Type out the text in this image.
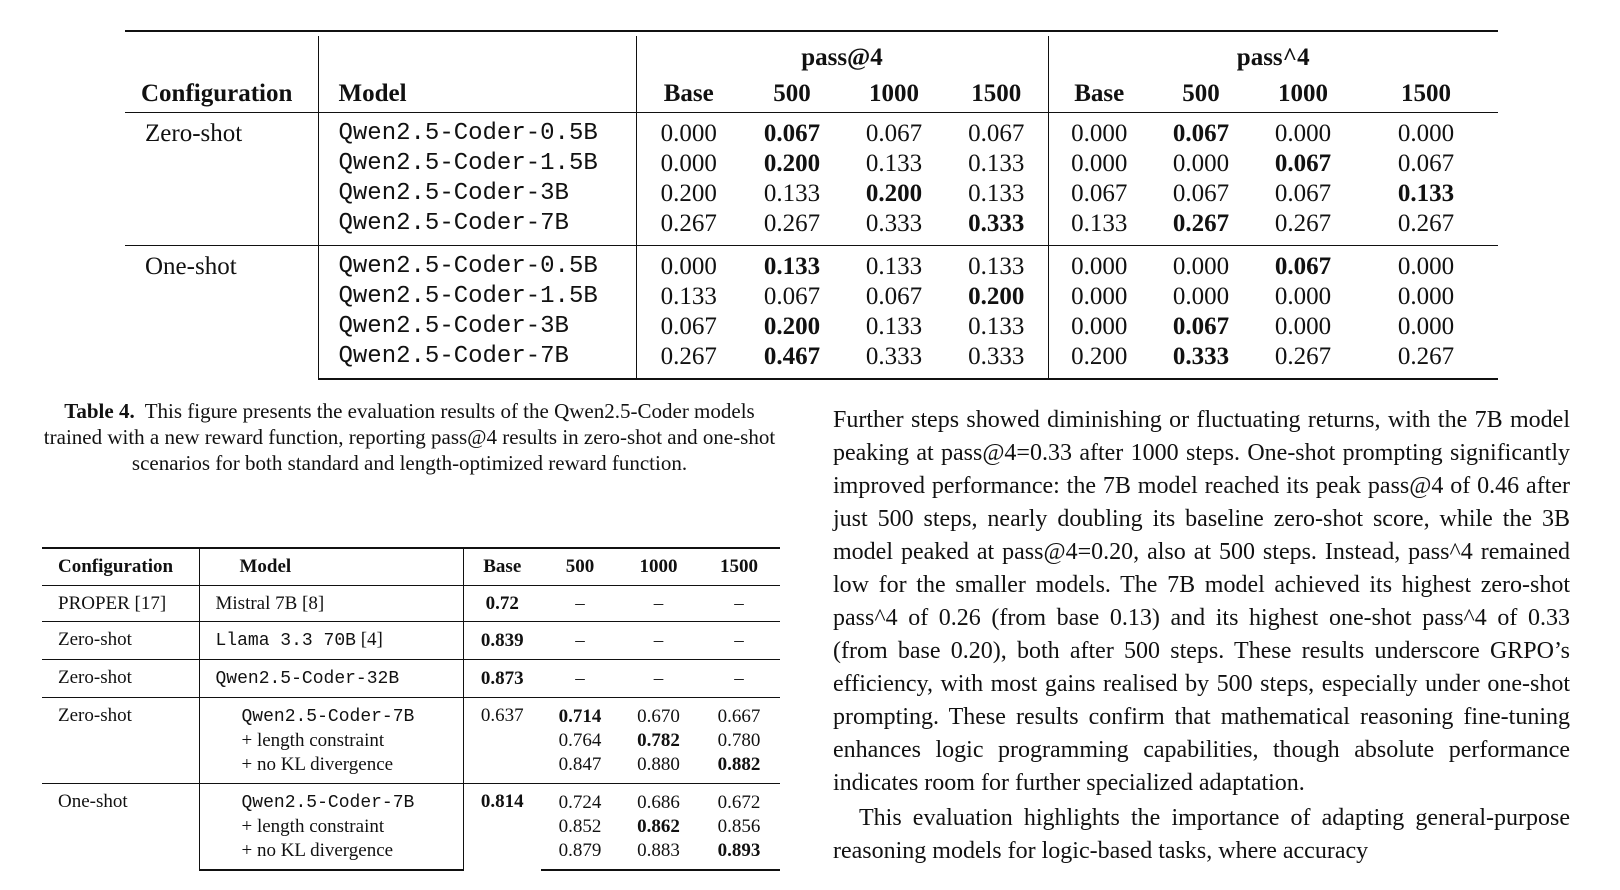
		pass@4				pass^4			
Configuration	Model	Base	500	1000	1500	Base	500	1000	1500
Zero-shot	Qwen2.5-Coder-0.5B	0.000	0.067	0.067	0.067	0.000	0.067	0.000	0.000
	Qwen2.5-Coder-1.5B	0.000	0.200	0.133	0.133	0.000	0.000	0.067	0.067
	Qwen2.5-Coder-3B	0.200	0.133	0.200	0.133	0.067	0.067	0.067	0.133
	Qwen2.5-Coder-7B	0.267	0.267	0.333	0.333	0.133	0.267	0.267	0.267
One-shot	Qwen2.5-Coder-0.5B	0.000	0.133	0.133	0.133	0.000	0.000	0.067	0.000
	Qwen2.5-Coder-1.5B	0.133	0.067	0.067	0.200	0.000	0.000	0.000	0.000
	Qwen2.5-Coder-3B	0.067	0.200	0.133	0.133	0.000	0.067	0.000	0.000
	Qwen2.5-Coder-7B	0.267	0.467	0.333	0.333	0.200	0.333	0.267	0.267
Table 4. This figure presents the evaluation results of the Qwen2.5-Coder models trained with a new reward function, reporting pass@4 results in zero-shot and one-shot scenarios for both standard and length-optimized reward function.
Configuration	Model	Base	500	1000	1500
PROPER [17]	Mistral 7B [8]	0.72	–	–	–
Zero-shot	Llama 3.3 70B [4]	0.839	–	–	–
Zero-shot	Qwen2.5-Coder-32B	0.873	–	–	–
Zero-shot	Qwen2.5-Coder-7B	0.637	0.714	0.670	0.667
	+ length constraint		0.764	0.782	0.780
	+ no KL divergence		0.847	0.880	0.882
One-shot	Qwen2.5-Coder-7B	0.814	0.724	0.686	0.672
	+ length constraint		0.852	0.862	0.856
	+ no KL divergence		0.879	0.883	0.893

Further steps showed diminishing or fluctuating returns, with the 7B model peaking at pass@4=0.33 after 1000 steps. One-shot prompting significantly improved performance: the 7B model reached its peak pass@4 of 0.46 after just 500 steps, nearly doubling its baseline zero-shot score, while the 3B model peaked at pass@4=0.20, also at 500 steps. Instead, pass^4 remained low for the smaller models. The 7B model achieved its highest zero-shot pass^4 of 0.26 (from base 0.13) and its highest one-shot pass^4 of 0.33 (from base 0.20), both after 500 steps. These results underscore GRPO’s efficiency, with most gains realised by 500 steps, especially under one-shot prompting. These results confirm that mathematical reasoning fine-tuning enhances logic programming capabilities, though absolute performance indicates room for further specialized adaptation.

This evaluation highlights the importance of adapting general-purpose reasoning models for logic-based tasks, where accuracy
